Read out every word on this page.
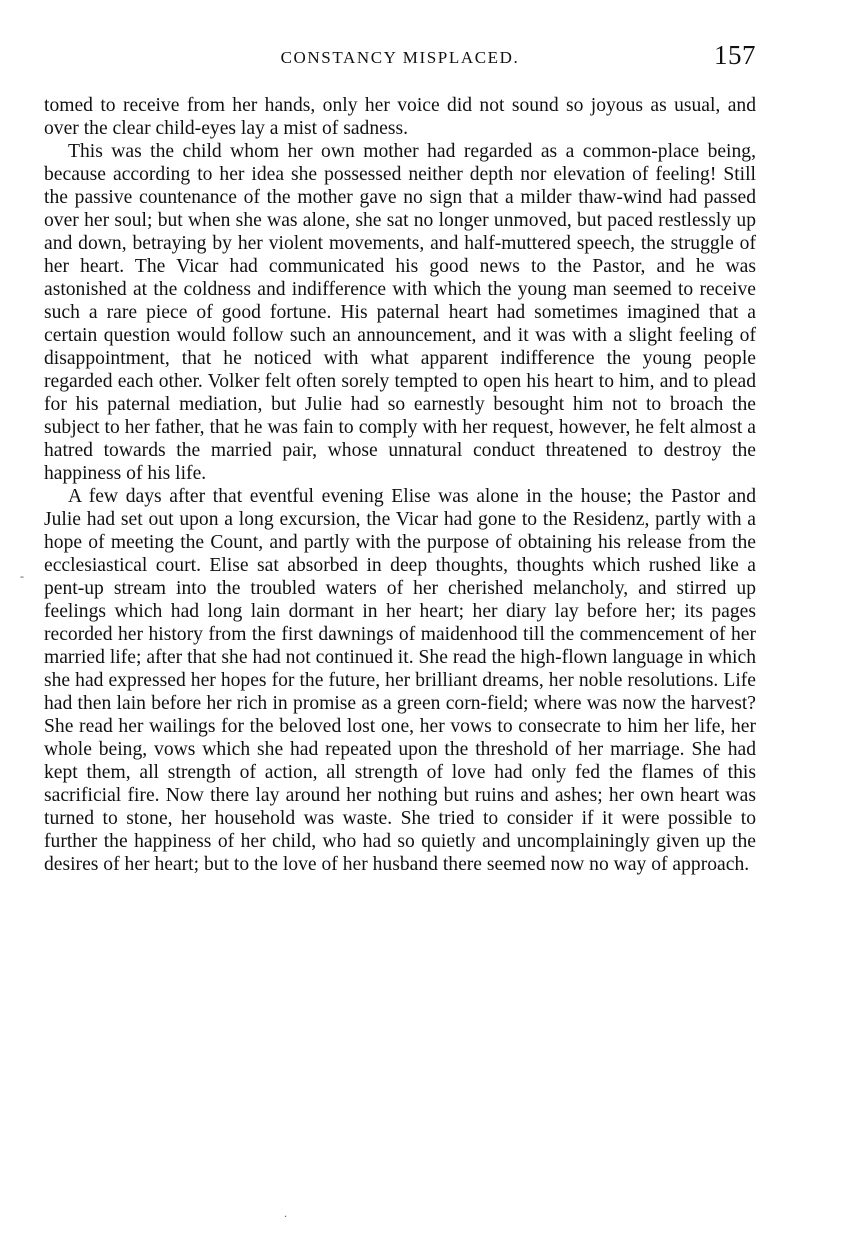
CONSTANCY MISPLACED.	157

tomed to receive from her hands, only her voice did not sound so joyous as usual, and over the clear child-eyes lay a mist of sadness.

This was the child whom her own mother had regarded as a common-place being, because according to her idea she possessed neither depth nor elevation of feeling! Still the passive countenance of the mother gave no sign that a milder thaw-wind had passed over her soul; but when she was alone, she sat no longer unmoved, but paced restlessly up and down, betraying by her violent movements, and half-muttered speech, the struggle of her heart. The Vicar had communicated his good news to the Pastor, and he was astonished at the coldness and indifference with which the young man seemed to receive such a rare piece of good fortune. His paternal heart had sometimes imagined that a certain question would follow such an announcement, and it was with a slight feeling of disappointment, that he noticed with what apparent indifference the young people regarded each other. Volker felt often sorely tempted to open his heart to him, and to plead for his paternal mediation, but Julie had so earnestly besought him not to broach the subject to her father, that he was fain to comply with her request, however, he felt almost a hatred towards the married pair, whose unnatural conduct threatened to destroy the happiness of his life.

A few days after that eventful evening Elise was alone in the house; the Pastor and Julie had set out upon a long excursion, the Vicar had gone to the Residenz, partly with a hope of meeting the Count, and partly with the purpose of obtaining his release from the ecclesiastical court. Elise sat absorbed in deep thoughts, thoughts which rushed like a pent-up stream into the troubled waters of her cherished melancholy, and stirred up feelings which had long lain dormant in her heart; her diary lay before her; its pages recorded her history from the first dawnings of maidenhood till the commencement of her married life; after that she had not continued it. She read the high-flown language in which she had expressed her hopes for the future, her brilliant dreams, her noble resolutions. Life had then lain before her rich in promise as a green corn-field; where was now the harvest? She read her wailings for the beloved lost one, her vows to consecrate to him her life, her whole being, vows which she had repeated upon the threshold of her marriage. She had kept them, all strength of action, all strength of love had only fed the flames of this sacrificial fire. Now there lay around her nothing but ruins and ashes; her own heart was turned to stone, her household was waste. She tried to consider if it were possible to further the happiness of her child, who had so quietly and uncomplainingly given up the desires of her heart; but to the love of her husband there seemed now no way of approach.

-
.
